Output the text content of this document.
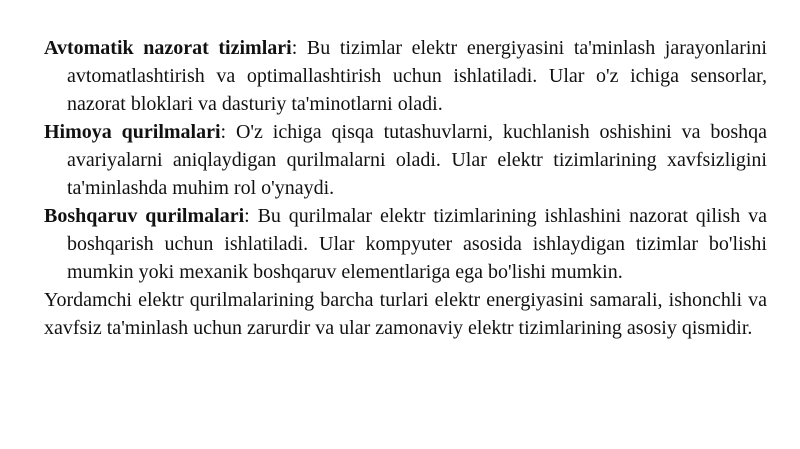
Avtomatik nazorat tizimlari: Bu tizimlar elektr energiyasini ta'minlash jarayonlarini avtomatlashtirish va optimallashtirish uchun ishlatiladi. Ular o'z ichiga sensorlar, nazorat bloklari va dasturiy ta'minotlarni oladi.
Himoya qurilmalari: O'z ichiga qisqa tutashuvlarni, kuchlanish oshishini va boshqa avariyalarni aniqlaydigan qurilmalarni oladi. Ular elektr tizimlarining xavfsizligini ta'minlashda muhim rol o'ynaydi.
Boshqaruv qurilmalari: Bu qurilmalar elektr tizimlarining ishlashini nazorat qilish va boshqarish uchun ishlatiladi. Ular kompyuter asosida ishlaydigan tizimlar bo'lishi mumkin yoki mexanik boshqaruv elementlariga ega bo'lishi mumkin.
Yordamchi elektr qurilmalarining barcha turlari elektr energiyasini samarali, ishonchli va xavfsiz ta'minlash uchun zarurdir va ular zamonaviy elektr tizimlarining asosiy qismidir.
